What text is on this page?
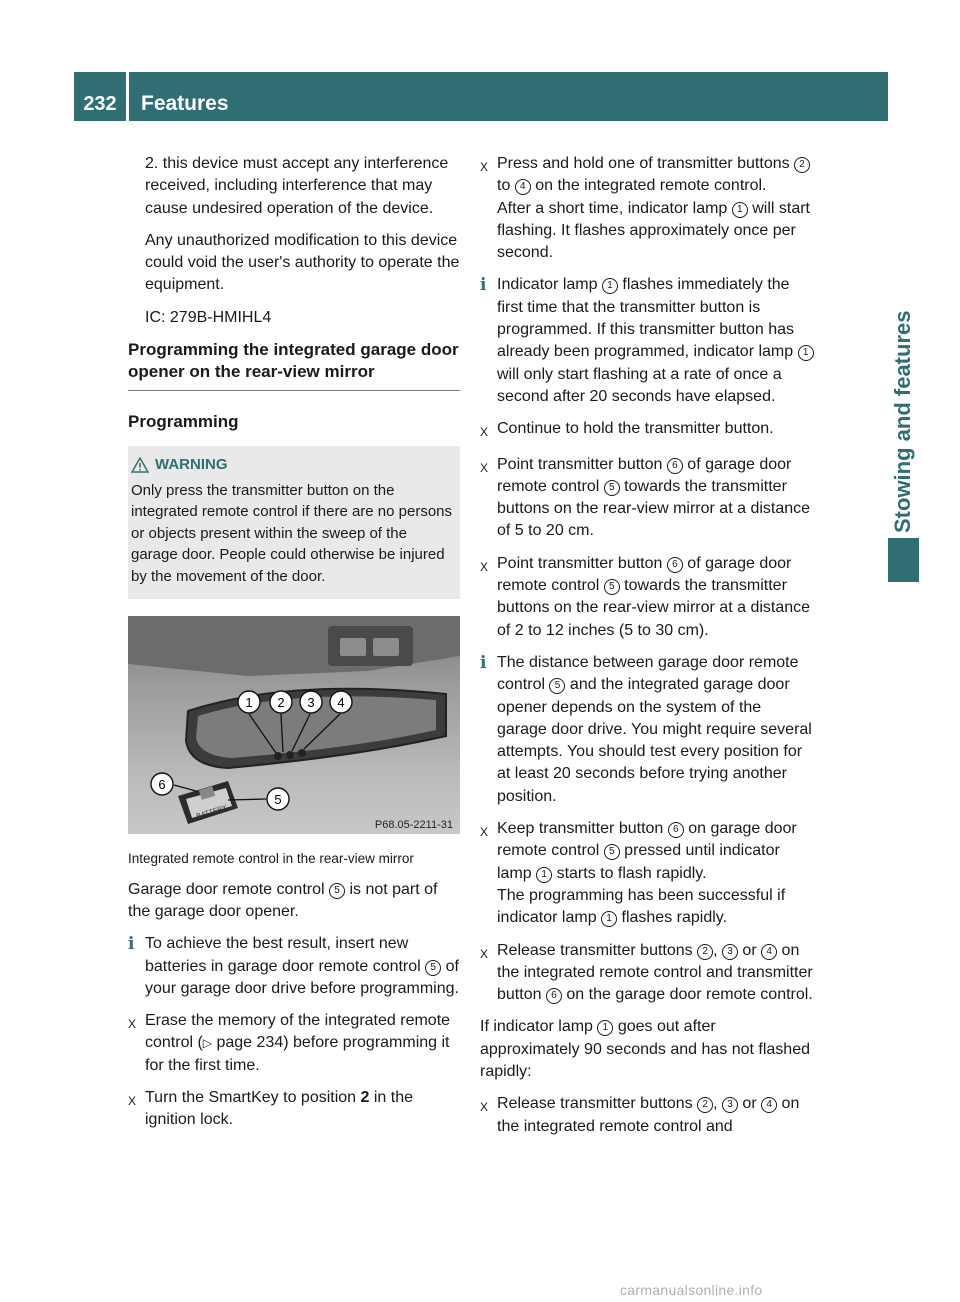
232	Features
Stowing and features

2. this device must accept any interference received, including interference that may cause undesired operation of the device.

Any unauthorized modification to this device could void the user's authority to operate the equipment.

IC: 279B-HMIHL4

Programming the integrated garage door opener on the rear-view mirror
Programming
WARNING
Only press the transmitter button on the integrated remote control if there are no persons or objects present within the sweep of the garage door. People could otherwise be injured by the movement of the door.
BATTERY
1 2 3 4
5
6
P68.05-2211-31
Integrated remote control in the rear-view mirror

Garage door remote control 5 is not part of the garage door opener.

i To achieve the best result, insert new batteries in garage door remote control 5 of your garage door drive before programming.
X Erase the memory of the integrated remote control (▷ page 234) before programming it for the first time.
X Turn the SmartKey to position 2 in the ignition lock.
X Press and hold one of transmitter buttons 2 to 4 on the integrated remote control.
After a short time, indicator lamp 1 will start flashing. It flashes approximately once per second.
i Indicator lamp 1 flashes immediately the first time that the transmitter button is programmed. If this transmitter button has already been programmed, indicator lamp 1 will only start flashing at a rate of once a second after 20 seconds have elapsed.
X Continue to hold the transmitter button.
X Point transmitter button 6 of garage door remote control 5 towards the transmitter buttons on the rear-view mirror at a distance of 5 to 20 cm.
X Point transmitter button 6 of garage door remote control 5 towards the transmitter buttons on the rear-view mirror at a distance of 2 to 12 inches (5 to 30 cm).
i The distance between garage door remote control 5 and the integrated garage door opener depends on the system of the garage door drive. You might require several attempts. You should test every position for at least 20 seconds before trying another position.
X Keep transmitter button 6 on garage door remote control 5 pressed until indicator lamp 1 starts to flash rapidly.
The programming has been successful if indicator lamp 1 flashes rapidly.
X Release transmitter buttons 2 , 3 or 4 on the integrated remote control and transmitter button 6 on the garage door remote control.

If indicator lamp 1 goes out after approximately 90 seconds and has not flashed rapidly:

X Release transmitter buttons 2 , 3 or 4 on the integrated remote control and
carmanualsonline.info
